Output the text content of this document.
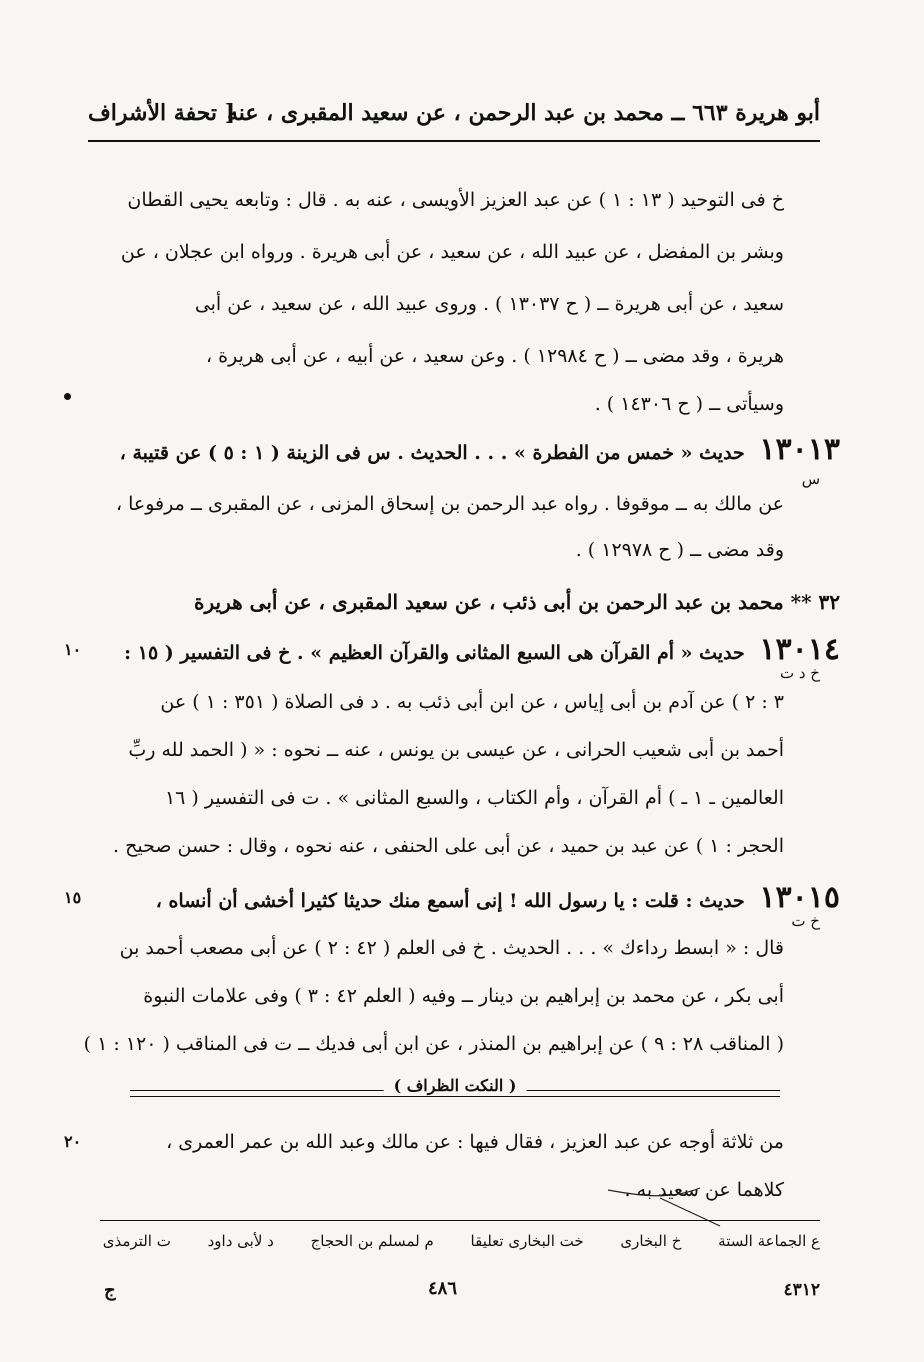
أبو هريرة ٦٦٣ ــ محمد بن عبد الرحمن ، عن سعيد المقبرى ، عنه
[ تحفة الأشراف
خ فى التوحيد ( ١٣ : ١ ) عن عبد العزيز الأويسى ، عنه به . قال : وتابعه يحيى القطان
وبشر بن المفضل ، عن عبيد الله ، عن سعيد ، عن أبى هريرة . ورواه ابن عجلان ، عن
سعيد ، عن أبى هريرة ــ ( ح ١٣٠٣٧ ) . وروى عبيد الله ، عن سعيد ، عن أبى
هريرة ، وقد مضى ــ ( ح ١٢٩٨٤ ) . وعن سعيد ، عن أبيه ، عن أبى هريرة ،
وسيأتى ــ ( ح ١٤٣٠٦ ) .
١٣٠١٣ حديث « خمس من الفطرة » . . . الحديث . س فى الزينة ( ١ : ٥ ) عن قتيبة ،
س
عن مالك به ــ موقوفا . رواه عبد الرحمن بن إسحاق المزنى ، عن المقبرى ــ مرفوعا ،
وقد مضى ــ ( ح ١٢٩٧٨ ) .
٣٢ ** محمد بن عبد الرحمن بن أبى ذئب ، عن سعيد المقبرى ، عن أبى هريرة
١٣٠١٤ حديث « أم القرآن هى السبع المثانى والقرآن العظيم » . خ فى التفسير ( ١٥ :
١٠
خ د ت
٣ : ٢ ) عن آدم بن أبى إياس ، عن ابن أبى ذئب به . د فى الصلاة ( ٣٥١ : ١ ) عن
أحمد بن أبى شعيب الحرانى ، عن عيسى بن يونس ، عنه ــ نحوه : « ( الحمد لله ربِّ
العالمين ـ ١ ـ ) أم القرآن ، وأم الكتاب ، والسبع المثانى » . ت فى التفسير ( ١٦
الحجر : ١ ) عن عبد بن حميد ، عن أبى على الحنفى ، عنه نحوه ، وقال : حسن صحيح .
١٣٠١٥ حديث : قلت : يا رسول الله ! إنى أسمع منك حديثا كثيرا أخشى أن أنساه ،
١٥
خ ت
قال : « ابسط رداءك » . . . الحديث . خ فى العلم ( ٤٢ : ٢ ) عن أبى مصعب أحمد بن
أبى بكر ، عن محمد بن إبراهيم بن دينار ــ وفيه ( العلم ٤٢ : ٣ ) وفى علامات النبوة
( المناقب ٢٨ : ٩ ) عن إبراهيم بن المنذر ، عن ابن أبى فديك ــ ت فى المناقب ( ١٢٠ : ١ )
( النكت الظراف )
من ثلاثة أوجه عن عبد العزيز ، فقال فيها : عن مالك وعبد الله بن عمر العمرى ،
٢٠
كلاهما عن سعيد به .
ع الجماعة الستة خ البخارى خت البخارى تعليقا م لمسلم بن الحجاج د لأبى داود ت الترمذى
٤٨٦	٤٣١٢
ج
